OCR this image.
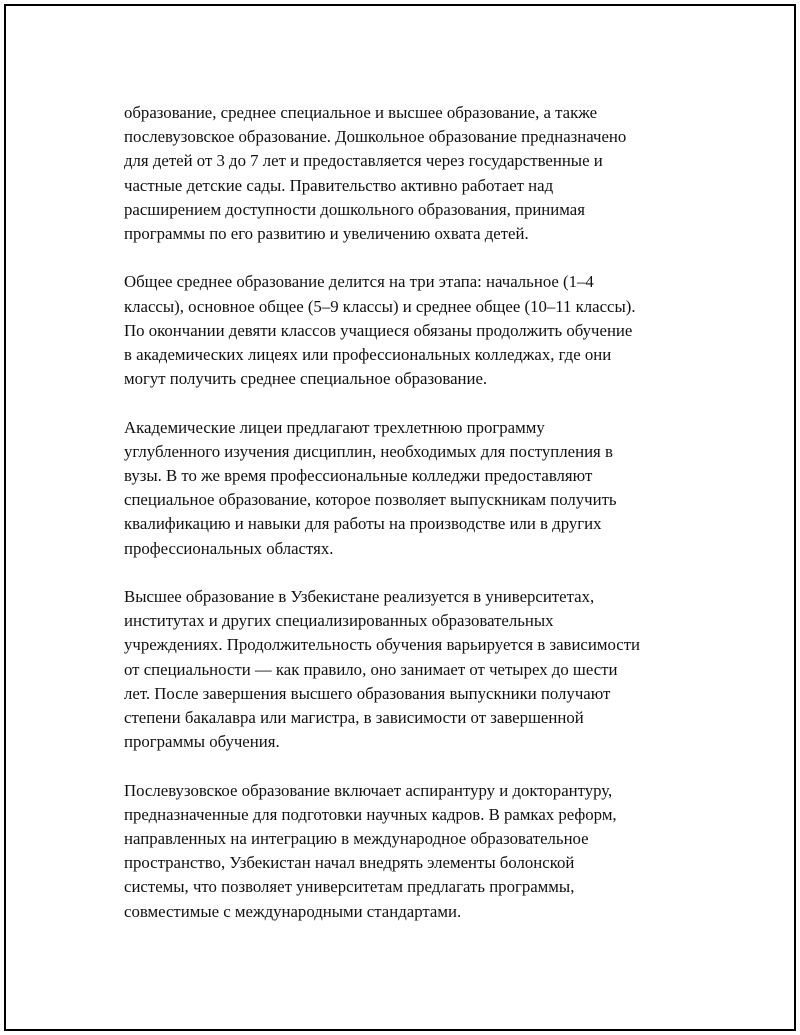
образование, среднее специальное и высшее образование, а также
послевузовское образование. Дошкольное образование предназначено
для детей от 3 до 7 лет и предоставляется через государственные и
частные детские сады. Правительство активно работает над
расширением доступности дошкольного образования, принимая
программы по его развитию и увеличению охвата детей.

Общее среднее образование делится на три этапа: начальное (1–4
классы), основное общее (5–9 классы) и среднее общее (10–11 классы).
По окончании девяти классов учащиеся обязаны продолжить обучение
в академических лицеях или профессиональных колледжах, где они
могут получить среднее специальное образование.

Академические лицеи предлагают трехлетнюю программу
углубленного изучения дисциплин, необходимых для поступления в
вузы. В то же время профессиональные колледжи предоставляют
специальное образование, которое позволяет выпускникам получить
квалификацию и навыки для работы на производстве или в других
профессиональных областях.

Высшее образование в Узбекистане реализуется в университетах,
институтах и других специализированных образовательных
учреждениях. Продолжительность обучения варьируется в зависимости
от специальности — как правило, оно занимает от четырех до шести
лет. После завершения высшего образования выпускники получают
степени бакалавра или магистра, в зависимости от завершенной
программы обучения.

Послевузовское образование включает аспирантуру и докторантуру,
предназначенные для подготовки научных кадров. В рамках реформ,
направленных на интеграцию в международное образовательное
пространство, Узбекистан начал внедрять элементы болонской
системы, что позволяет университетам предлагать программы,
совместимые с международными стандартами.
